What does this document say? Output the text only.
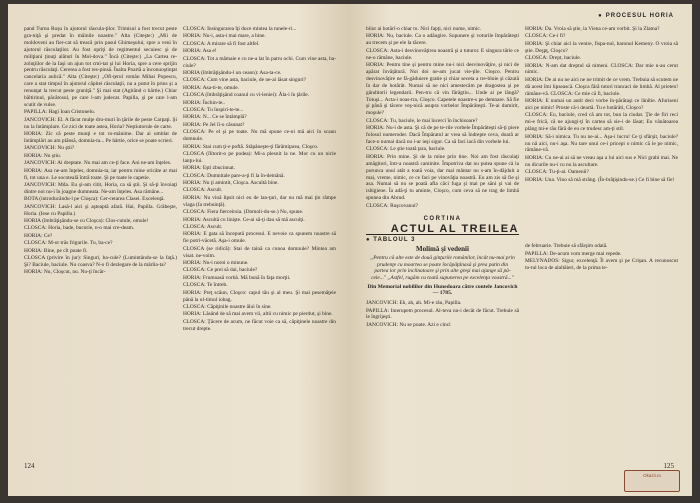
pand Turnu Roşu în ajutorul răscula-ţilor. Trimisul a fost trecut peste gra-niţă şi predat în mâinile noastre." Alta (Citeşte:) „Mii de moldoveni au fier-cat să treacă prin pasul Ghimeşului, spre a veni în ajutorul răsculaţilor. Au fost opriţi de regimentul secuiesc şi de miliţiani ţinuţi alături în Mol-dova." Încă (Citeşte:) „La Cartea re-zoluţiilor de la Iaşi un ajun tot cmi-tat şi lui Horia, spre a cere sprijin pentru răsculaţi. Cererea a fost res-pinsă. Înalta Poartă a înconuoştinţat cancelaria aulică." Alta (Citeşte:) „Ofi-ţerul român Mihai Popescu, care a stat timpul în ajutorul căpitei răsculaţii, nu a putut în prins şi a renunţat la trecut peste graniţă." Şi mai stat (Agitând o hârtie.) Chiar băltirinul, păcătosul, pe care l-am judecat. Papilla, şi pe care l-am scutit de vulse.

PAPILLA: Hagi Ioan Cristonelu.

JANCOVICH: El. A făcut mulţe dru-muri în ţările de peste Carpaţi. Şi nu la întâmplare. Ce zici de toate astea, Horia? Neştiutorule de carte.

HORIA: Zic că peste munţi e tot ro-mânime. Dar ai umblat de întâmplări au am plânsă, domnia-ta... Pe hârtie, orice se poate scrieri.

JANCOVICH: Nu ştii?

HORIA: Nu ştiu.

JANCOVICH: Ai dreptate. Nu mai am ce-ţi face. Ani ne-am înţeles.

HORIA: Asa ne-am înţeles, domnia-ta, iar pentru mine oricâte ar mai fi, tot una e. Le socoteală întră toate. Şi pe toate le capetie.

JANCOVICH: Mda. Eu şi-am citit, Horia, ca să ştii. Şi să-ţi învoiaţi dintre noi nu-i în joagne dumneata. Ne-am înţeles. Asa rămâne...

BOTA (introducându-l pe Cloşca): Cer-cetarea Clasei. Excelenţă.

JANCOVICH: Lasă-l aici şi aşteaptă afară. Hai, Papilla. Grăbeşte, Horia. (Iese cu Papilla.)

HORIA (îmbrăţişându-se cu Cloşca): Clos-cutule, omule!

CLOSCA: Horia, bade, bucurie, n-o mai cre-deam.

HORIA: Ce?

CLOSCA: M-or trăs frigurile. Tu, ba-ce?

HORIA: Bine, pe cît poate fi.

CLOSCA (privire în jur): Singuri, ba-cule? (Lumintându-se la faţă.) Şi? Baciule, baciule. Nu coasva? N-o fi dezlegare de la mârlia-ta?

HORIA: Nu, Cloşcut, nu. Nu-ţi încăr-

CLOSCA: Însingurarea îţi duce mintea la tunele-ri...

HORIA: Nu-i, asta-i mai mare, a bine.

CLOSCA: A mirare să fi fost altfel.

HORIA: Asa e!

CLOSCA: Tot a mămaie e cu ne-a lat în patru ochi. Cum vine asta, ba-ciule?

HORIA (îmbrăţişându-l un ceaon): Asa-ta-ce.

CLOSCA: Cum vine asta, baciule, de ne-ai lăsat singuri?

HORIA: Asa-ti-te, omule.

CLOSCA (îmbrăţişând coanul cu vi-leniei): Ăla-i în ţările.

HORIA: Închin-te..

CLOSCA: Tu înspiri-te-te...

HORIA: N... Ce se întâmplă?

HORIA: Pe Jel îi-o căsunat?

CLOSCA: Pe el şi pe toate. Nu mă spune ce-ni mă aici în scaun domnule.

HORIA: Stai cum ţi-e poftă. Stăpâneşte-ţi fărămiţarea, Cloşco.

CLOSCA (îlitorit-o pe podea): Mi-a plesnit la ne. Mor cu un nicle lanţu-lui.

HORIA: Eşti zbucinnat.

CLOSCA: Dumnitale pare-a-ţi fi la în-demână.

HORIA: Nu ţi amintit, Cloşca. Ascultă bine.

CLOSCA: Ascult.

HORIA: Nu vină lipsit nici eu de lan-ţuri, dar nu mă mai ţin râmpe vlaga (Ia trebuinţă).

CLOSCA: Fiera fierceirsia. (Domoli-du-se.) Nu, spune.

HORIA: Ascultă cu linişte. Ce-ai să-ţi dau să mă asculţi.

CLOSCA: Ascult.

HORIA: E gata să începută procesul. E nevoie ca spunem noastre să fie potri-văcetă. Aşa-i omule.

CLOSCA (se ridică): Stai de taină ca cunoa domnule? Mintea am visat. ne-voim.

HORIA: Nu-i noroi o minune.

CLOSCA: Ce prei să dai, baciule?

HORIA: Frumoasă vorbă. Mă bună în faţa morţii.

CLOSCA: Te întreb.

HORIA: Preţ scăun, Cloşco: capul tău şi al meu. Şi mai pesemăţeie până la ul-timul iobag.

CLOSCA: Căpiţinile noastre ălui în sine.

HORIA: Lăsând de să mai avem vii, altii cu nimic pe pierdut, şi bine.

CLOSCA: Ţăcere de acum, ne făcut voie ca să, căpiţinele noastre din trecut drepte.

124
● PROCESUL HORIA

bilor ai hotărî-o chiar tu. Nici fapţi, nici nume, nimic.

HORIA: Nu, baciule. Ca o adăugire. Supunere şi voturile împărăteşti au trecem şi pe ele la tăcere.

CLOSCA: Asta-i desvinovăţirea noastră şi a tuturor. E singura tărie ce ne-o rămâne, baciule.

HORIA: Pentru tine şi pentru mine nu-i nici desvinovăţire, şi nici de apărat învăţătură. Noi doi ne-am jucat vie-ţile. Cloşco. Pentru desvinovăţire ne fă-găduiere gratie şi chiar seceta a tre-bluie şi căzută în dar de hotărât. Numai să ne nici amestecăm pe dragostea şi pe gânditorii legendarii. Pen-tru că vin fărâgtiu... Unde ai pe lângă? Totuşi... Acta-i noas-tra, Cloşco. Capetele noastre-s pe demnare. Să fie şi până şi tăcere veş-nică asupra vorbelor Împărăteşti. Te-ai dumirit, moşule?

CLOSCA: Tu, baciule, le mai încerci în închisoare?

HORIA: Nu-i de asta. Şi că de pe te-rile vorbele Împărăteşti să-ţi piere folosul numeroder. Dacă Împăratul ar vrea să îndrepte ceva, doară ar face-o numai dacă nu i-ar ieşi sigur. Ca să faci iacă din vorbele lui.

CLOSCA: Le ştie toată ţara, baciule.

HORIA: Prin mine. Şi de la mine prin tine. Noi am fost răsculaţi amăgitori, într-a noastră caminite. Împotriva dat nu putea spune că la porunca unui atât a toată voia, dar mai mântar nu s-am în-dăjduit a mai, vreme, nimic, ce ce faci pe vinovăţia noastră. Eu am zis să fie şi asa. Numai să nu se poată afla căci fuga şi mai pe săni şi vai de isbigiene. Îa adă-ţi tu aminte, Cloşco, cum ceva să ne trag de limbă spunea din Abrud.

CLOSCA: Ruşcovanul?

CORTINA
ACTUL AL TREILEA
● TABLOUL 3
Molimă şi vedenii
„Pentru că alte este de două ginţurile românilor, încât nu-mai prin prudenţe cu moartea se poate încăpăţânasă şi prea putin din partea lor prin inclinatoare şi prin alte greşi mai ajunge să pă-cele..." „Astfel, rugăm cu toată supunerea pe excelenţa voastră..."
Din Memorial nobililor din Hunedoara către contele Jancovich — 1785.

JANCOVICH: Eh, ah, ah. Mi-e râu, Papilla.

PAPILLA: Interupem procesul. Al-teva nu-i decât de făcut. Trebuie să le îngrijeşti.

JANCOVICH: Nu se poate. Azi e cinci

HORIA: Da. Vroia să ştie, la Viena ce-am vorbit. Şi la Zlatna?

CLOSCA: Ce-i fi?

HORIA: Şi chiar aici la venire, fispa-nul, baronul Kemeny. O vroia să ştie. Deşpţ, Cloşco?

CLOSCA: Drept, baciule.

HORIA: N-am dat dreptul să nimeni. CLOSCA: Dar mie n-au cerut nimic.

HORIA: De ai nu ne aici ne ne trimit de ce vrem. Trebuia să scutem ne dă acest îmi lipsească. Cloşca fără tutori trancaci de limbă. Al prieten! rămâne-vă. CLOSCA: Ce mie că fi, baciule.

HORIA: E numai un autit deci vorbe în-părătaşi ce lânîtie. Afuriseni aici pe nimic! Proste că-i deartă. Tu e hotărâti, Cloşco?

CLOSCA: Eu, baciule, cred că am tot, bun la ciudat. Ţie de firi reci mi-e frică, că ne ajungi-ţi în cartea să sie-i de lăsat; Eu vânătoarea plâng mi-e rău fără de eu ce trudesc am-ţi stil.

HORIA: Să-i nimica. Tu nu ne-ai... Aşa-i lucru! Ce ţi sfârşit, baciule? nu nă aici, nu-i aşa. Nu tare unui ce-i pricepi o nimic că le pe nimic, rămâne-vă.

HORIA: Cu ne-ai ai să ne vreau aşa a lui aici sus e Nici grabi mai. Ne nu dicurile nu-i cu nu la ascultare.

CLOSCA: Tu-ţi-ai. Oamenii?

HORIA: Una. Vino să mă strâng. (În-brăţişindu-se.) Ce fi bine să fie!

de februarie. Trebuie să sfârşim odată.

PAPILLA: De-acum vom merge mai repede.

MELYNADOS: Sigur, excelenţă. Îl avem şi pe Crişan. A recunoscut to-tul loca de alaltăieri, de la prima te-

125
Okazii.ro
